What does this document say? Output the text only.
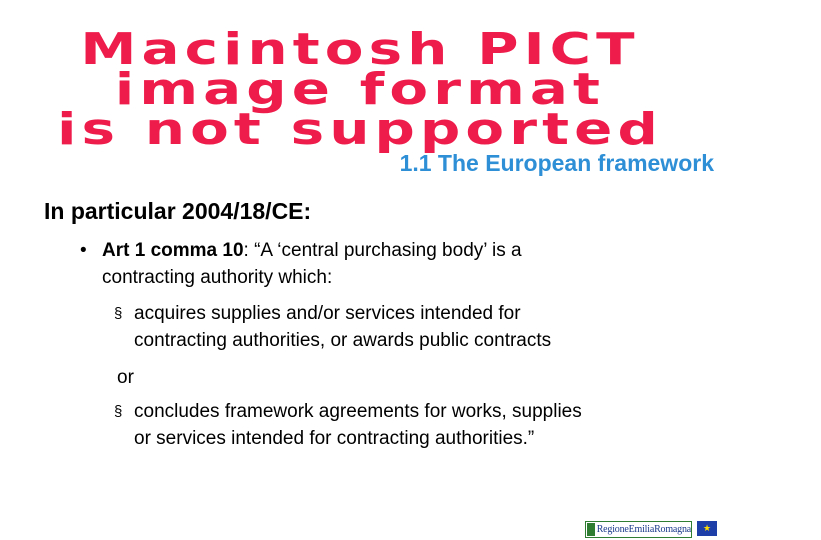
Macintosh PICT
image format
is not supported
1.1 The European framework
In particular 2004/18/CE:
• Art 1 comma 10: “A ‘central purchasing body’ is a
contracting authority which:
§ acquires supplies and/or services intended for
contracting authorities, or awards public contracts
or
§ concludes framework agreements for works, supplies
or services intended for contracting authorities.”
RegioneEmiliaRomagna	★
